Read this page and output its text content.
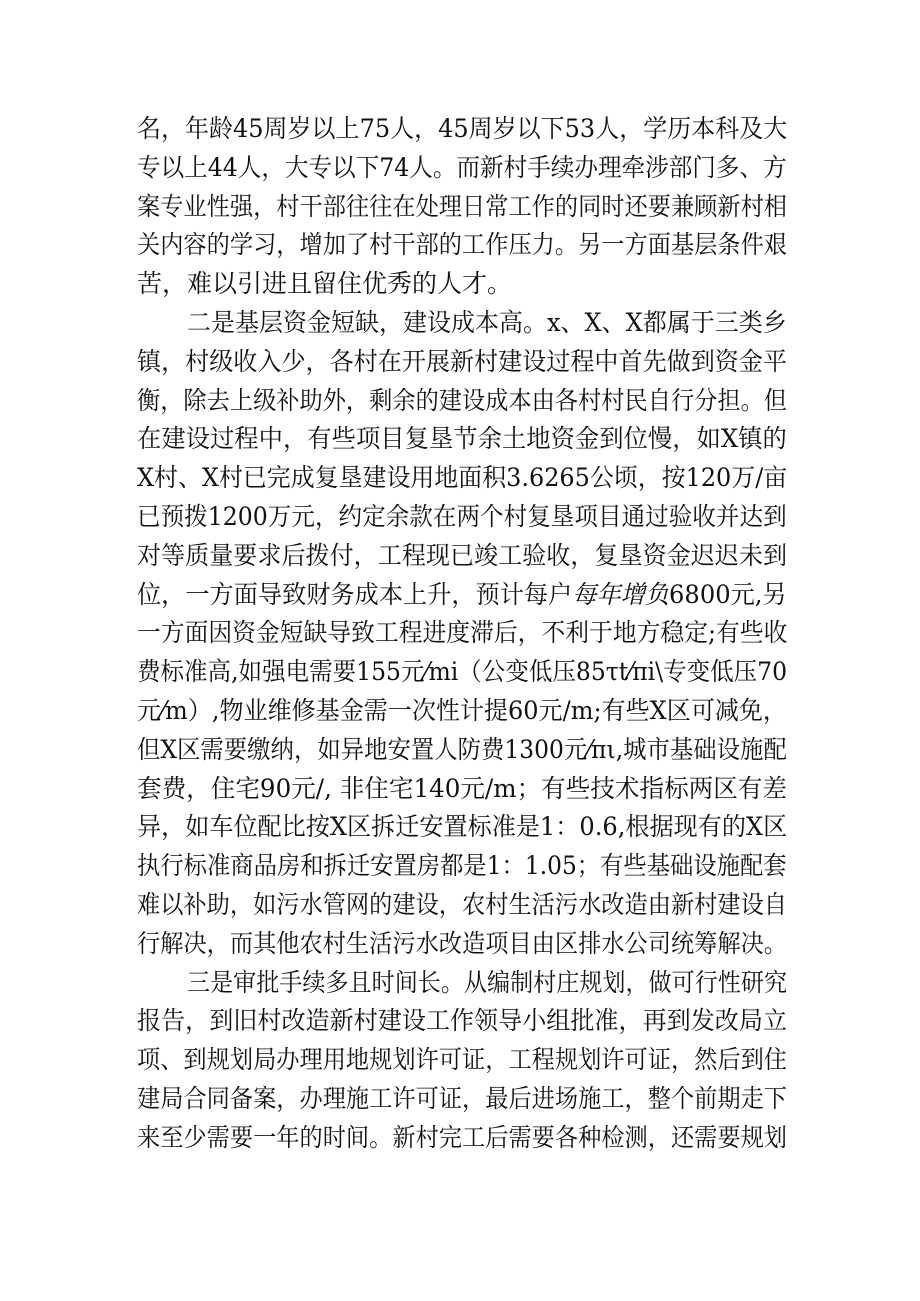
名，年龄45周岁以上75人，45周岁以下53人，学历本科及大
专以上44人，大专以下74人。而新村手续办理牵涉部门多、方
案专业性强，村干部往往在处理日常工作的同时还要兼顾新村相
关内容的学习，增加了村干部的工作压力。另一方面基层条件艰
苦，难以引进且留住优秀的人才。
二是基层资金短缺，建设成本高。x、X、X都属于三类乡
镇，村级收入少，各村在开展新村建设过程中首先做到资金平
衡，除去上级补助外，剩余的建设成本由各村村民自行分担。但
在建设过程中，有些项目复垦节余土地资金到位慢，如X镇的
X村、X村已完成复垦建设用地面积3.6265公顷，按120万/亩
已预拨1200万元，约定余款在两个村复垦项目通过验收并达到
对等质量要求后拨付，工程现已竣工验收，复垦资金迟迟未到
位，一方面导致财务成本上升，预计每户每年增负6800元,另
一方面因资金短缺导致工程进度滞后，不利于地方稳定;有些收
费标准高,如强电需要155元⁄mi（公变低压85τt⁄πi\专变低压70
元⁄m）,物业维修基金需一次性计提60元/m;有些X区可减免，
但X区需要缴纳，如异地安置人防费1300元⁄πι,城市基础设施配
套费，住宅90元/, 非住宅140元/m；有些技术指标两区有差
异，如车位配比按X区拆迁安置标准是1：0.6,根据现有的X区
执行标准商品房和拆迁安置房都是1：1.05；有些基础设施配套
难以补助，如污水管网的建设，农村生活污水改造由新村建设自
行解决，而其他农村生活污水改造项目由区排水公司统筹解决。
三是审批手续多且时间长。从编制村庄规划，做可行性研究
报告，到旧村改造新村建设工作领导小组批准，再到发改局立
项、到规划局办理用地规划许可证，工程规划许可证，然后到住
建局合同备案，办理施工许可证，最后进场施工，整个前期走下
来至少需要一年的时间。新村完工后需要各种检测，还需要规划
